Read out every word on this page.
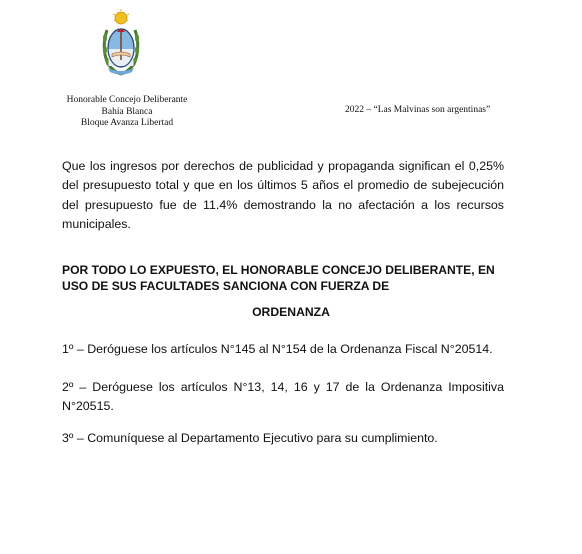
Honorable Concejo Deliberante
Bahía Blanca
Bloque Avanza Libertad
2022 – “Las Malvinas son argentinas”
Que los ingresos por derechos de publicidad y propaganda significan el 0,25% del presupuesto total y que en los últimos 5 años el promedio de subejecución del presupuesto fue de 11.4% demostrando la no afectación a los recursos municipales.
POR TODO LO EXPUESTO, EL HONORABLE CONCEJO DELIBERANTE, EN
USO DE SUS FACULTADES SANCIONA CON FUERZA DE
ORDENANZA
1º – Deróguese los artículos N°145 al N°154 de la Ordenanza Fiscal N°20514.
2º – Deróguese los artículos N°13, 14, 16 y 17 de la Ordenanza Impositiva N°20515.
3º – Comuníquese al Departamento Ejecutivo para su cumplimiento.
